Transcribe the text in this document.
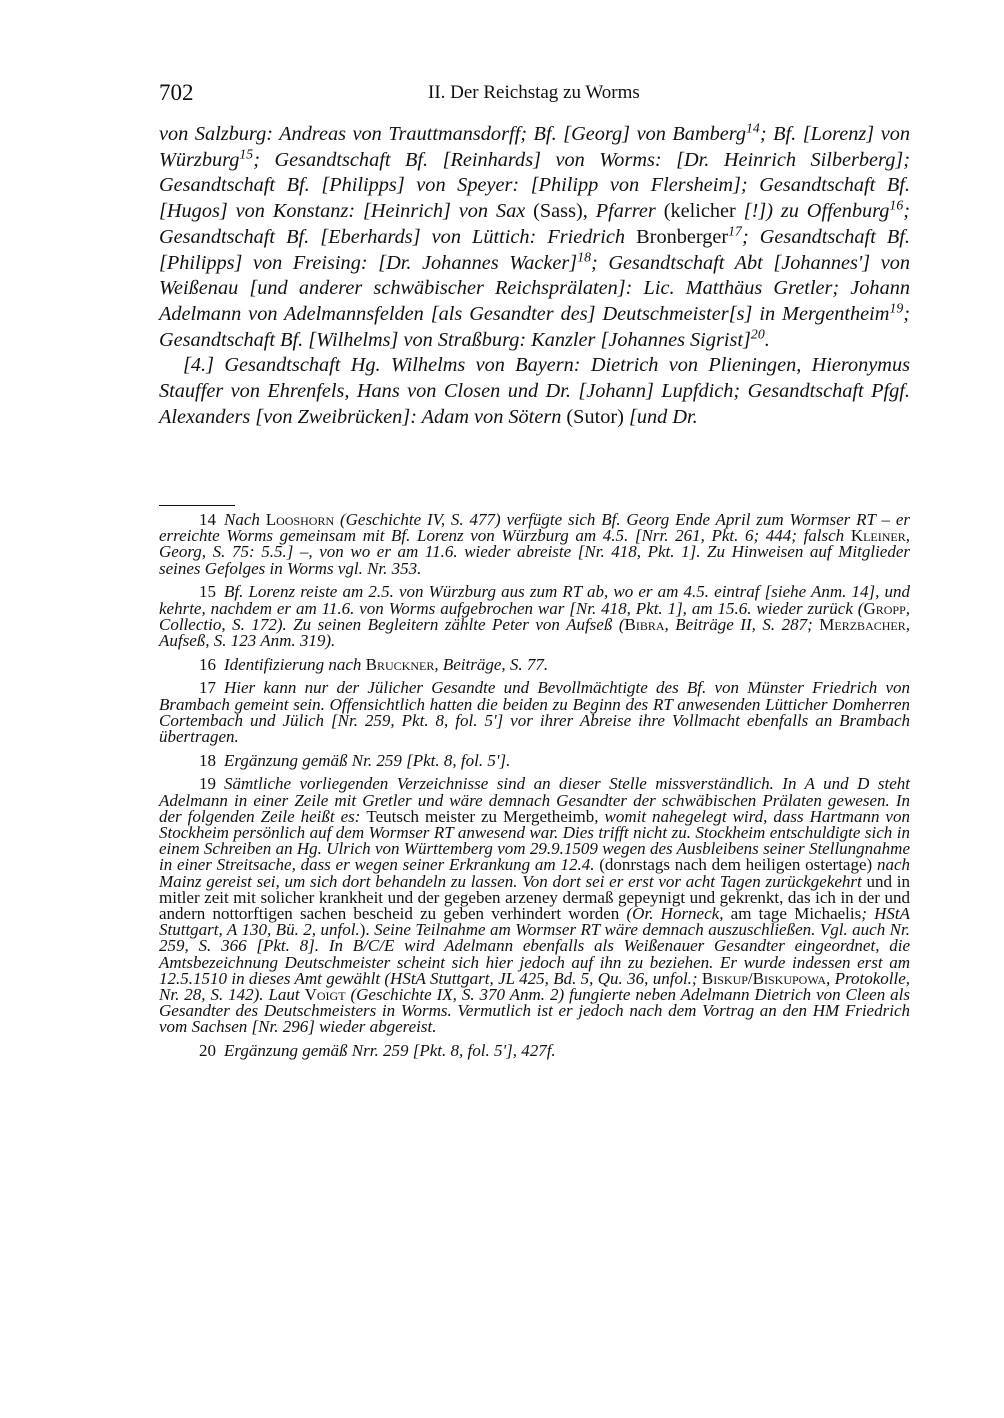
702	II. Der Reichstag zu Worms

von Salzburg: Andreas von Trauttmansdorff; Bf. [Georg] von Bamberg$^{14}$; Bf. [Lorenz] von Würzburg$^{15}$; Gesandtschaft Bf. [Reinhards] von Worms: [Dr. Heinrich Silberberg]; Gesandtschaft Bf. [Philipps] von Speyer: [Philipp von Flersheim]; Gesandtschaft Bf. [Hugos] von Konstanz: [Heinrich] von Sax (Sass), Pfarrer (kelicher [!]) zu Offenburg$^{16}$; Gesandtschaft Bf. [Eberhards] von Lüttich: Friedrich Bronberger$^{17}$; Gesandtschaft Bf. [Philipps] von Freising: [Dr. Johannes Wacker]$^{18}$; Gesandtschaft Abt [Johannes'] von Weißenau [und anderer schwäbischer Reichsprälaten]: Lic. Matthäus Gretler; Johann Adelmann von Adelmannsfelden [als Gesandter des] Deutschmeister[s] in Mergentheim$^{19}$; Gesandtschaft Bf. [Wilhelms] von Straßburg: Kanzler [Johannes Sigrist]$^{20}$.

[4.] Gesandtschaft Hg. Wilhelms von Bayern: Dietrich von Plieningen, Hieronymus Stauffer von Ehrenfels, Hans von Closen und Dr. [Johann] Lupfdich; Gesandtschaft Pfgf. Alexanders [von Zweibrücken]: Adam von Sötern (Sutor) [und Dr.

14 Nach Looshorn (Geschichte IV, S. 477) verfügte sich Bf. Georg Ende April zum Wormser RT – er erreichte Worms gemeinsam mit Bf. Lorenz von Würzburg am 4.5. [Nrr. 261, Pkt. 6; 444; falsch Kleiner, Georg, S. 75: 5.5.] –, von wo er am 11.6. wieder abreiste [Nr. 418, Pkt. 1]. Zu Hinweisen auf Mitglieder seines Gefolges in Worms vgl. Nr. 353.

15 Bf. Lorenz reiste am 2.5. von Würzburg aus zum RT ab, wo er am 4.5. eintraf [siehe Anm. 14], und kehrte, nachdem er am 11.6. von Worms aufgebrochen war [Nr. 418, Pkt. 1], am 15.6. wieder zurück (Gropp, Collectio, S. 172). Zu seinen Begleitern zählte Peter von Aufseß (Bibra, Beiträge II, S. 287; Merzbacher, Aufseß, S. 123 Anm. 319).

16 Identifizierung nach Bruckner, Beiträge, S. 77.

17 Hier kann nur der Jülicher Gesandte und Bevollmächtigte des Bf. von Münster Friedrich von Brambach gemeint sein. Offensichtlich hatten die beiden zu Beginn des RT anwesenden Lütticher Domherren Cortembach und Jülich [Nr. 259, Pkt. 8, fol. 5'] vor ihrer Abreise ihre Vollmacht ebenfalls an Brambach übertragen.

18 Ergänzung gemäß Nr. 259 [Pkt. 8, fol. 5'].

19 Sämtliche vorliegenden Verzeichnisse sind an dieser Stelle missverständlich. In A und D steht Adelmann in einer Zeile mit Gretler und wäre demnach Gesandter der schwäbischen Prälaten gewesen. In der folgenden Zeile heißt es: Teutsch meister zu Mergetheimb, womit nahegelegt wird, dass Hartmann von Stockheim persönlich auf dem Wormser RT anwesend war. Dies trifft nicht zu. Stockheim entschuldigte sich in einem Schreiben an Hg. Ulrich von Württemberg vom 29.9.1509 wegen des Ausbleibens seiner Stellungnahme in einer Streitsache, dass er wegen seiner Erkrankung am 12.4. (donrstags nach dem heiligen ostertage) nach Mainz gereist sei, um sich dort behandeln zu lassen. Von dort sei er erst vor acht Tagen zurückgekehrt und in mitler zeit mit solicher krankheit und der gegeben arzeney dermaß gepeynigt und gekrenkt, das ich in der und andern nottorftigen sachen bescheid zu geben verhindert worden (Or. Horneck, am tage Michaelis; HStA Stuttgart, A 130, Bü. 2, unfol.). Seine Teilnahme am Wormser RT wäre demnach auszuschließen. Vgl. auch Nr. 259, S. 366 [Pkt. 8]. In B/C/E wird Adelmann ebenfalls als Weißenauer Gesandter eingeordnet, die Amtsbezeichnung Deutschmeister scheint sich hier jedoch auf ihn zu beziehen. Er wurde indessen erst am 12.5.1510 in dieses Amt gewählt (HStA Stuttgart, JL 425, Bd. 5, Qu. 36, unfol.; Biskup/Biskupowa, Protokolle, Nr. 28, S. 142). Laut Voigt (Geschichte IX, S. 370 Anm. 2) fungierte neben Adelmann Dietrich von Cleen als Gesandter des Deutschmeisters in Worms. Vermutlich ist er jedoch nach dem Vortrag an den HM Friedrich vom Sachsen [Nr. 296] wieder abgereist.

20 Ergänzung gemäß Nrr. 259 [Pkt. 8, fol. 5'], 427f.
